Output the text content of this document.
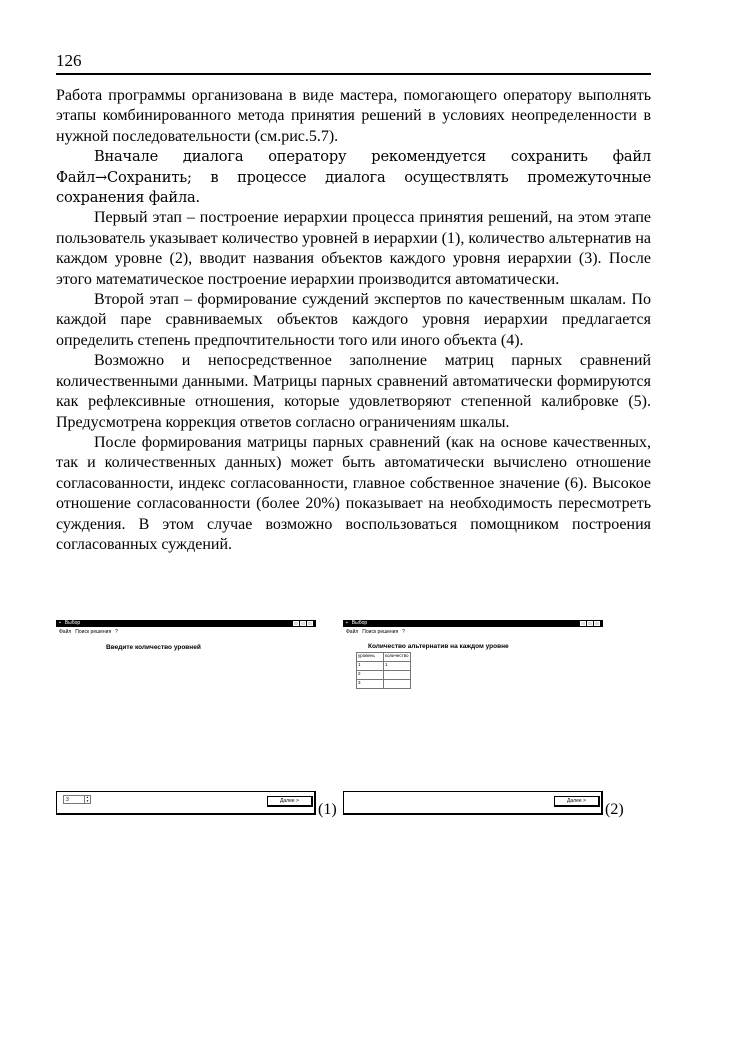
126

Работа программы организована в виде мастера, помогающего оператору выполнять этапы комбинированного метода принятия решений в условиях неопределенности в нужной последовательности (см.рис.5.7).

Вначале диалога оператору рекомендуется сохранить файл Файл→Сохранить; в процессе диалога осуществлять промежуточные сохранения файла.

Первый этап – построение иерархии процесса принятия решений, на этом этапе пользователь указывает количество уровней в иерархии (1), количество альтернатив на каждом уровне (2), вводит названия объектов каждого уровня иерархии (3). После этого математическое построение иерархии производится автоматически.

Второй этап – формирование суждений экспертов по качественным шкалам. По каждой паре сравниваемых объектов каждого уровня иерархии предлагается определить степень предпочтительности того или иного объекта (4).

Возможно и непосредственное заполнение матриц парных сравнений количественными данными. Матрицы парных сравнений автоматически формируются как рефлексивные отношения, которые удовлетворяют степенной калибровке (5). Предусмотрена коррекция ответов согласно ограничениям шкалы.

После формирования матрицы парных сравнений (как на основе качественных, так и количественных данных) может быть автоматически вычислено отношение согласованности, индекс согласованности, главное собственное значение (6). Высокое отношение согласованности (более 20%) показывает на необходимость пересмотреть суждения. В этом случае возможно воспользоваться помощником построения согласованных суждений.

▪ Выбор
Файл Поиск решения ?
Введите количество уровней
3	▲
▼	Далее >	(1)
▪ Выбор
Файл Поиск решения ?
Количество альтернатив на каждом уровне
уровень	количество
1	1
2	
3	
Далее >	(2)
